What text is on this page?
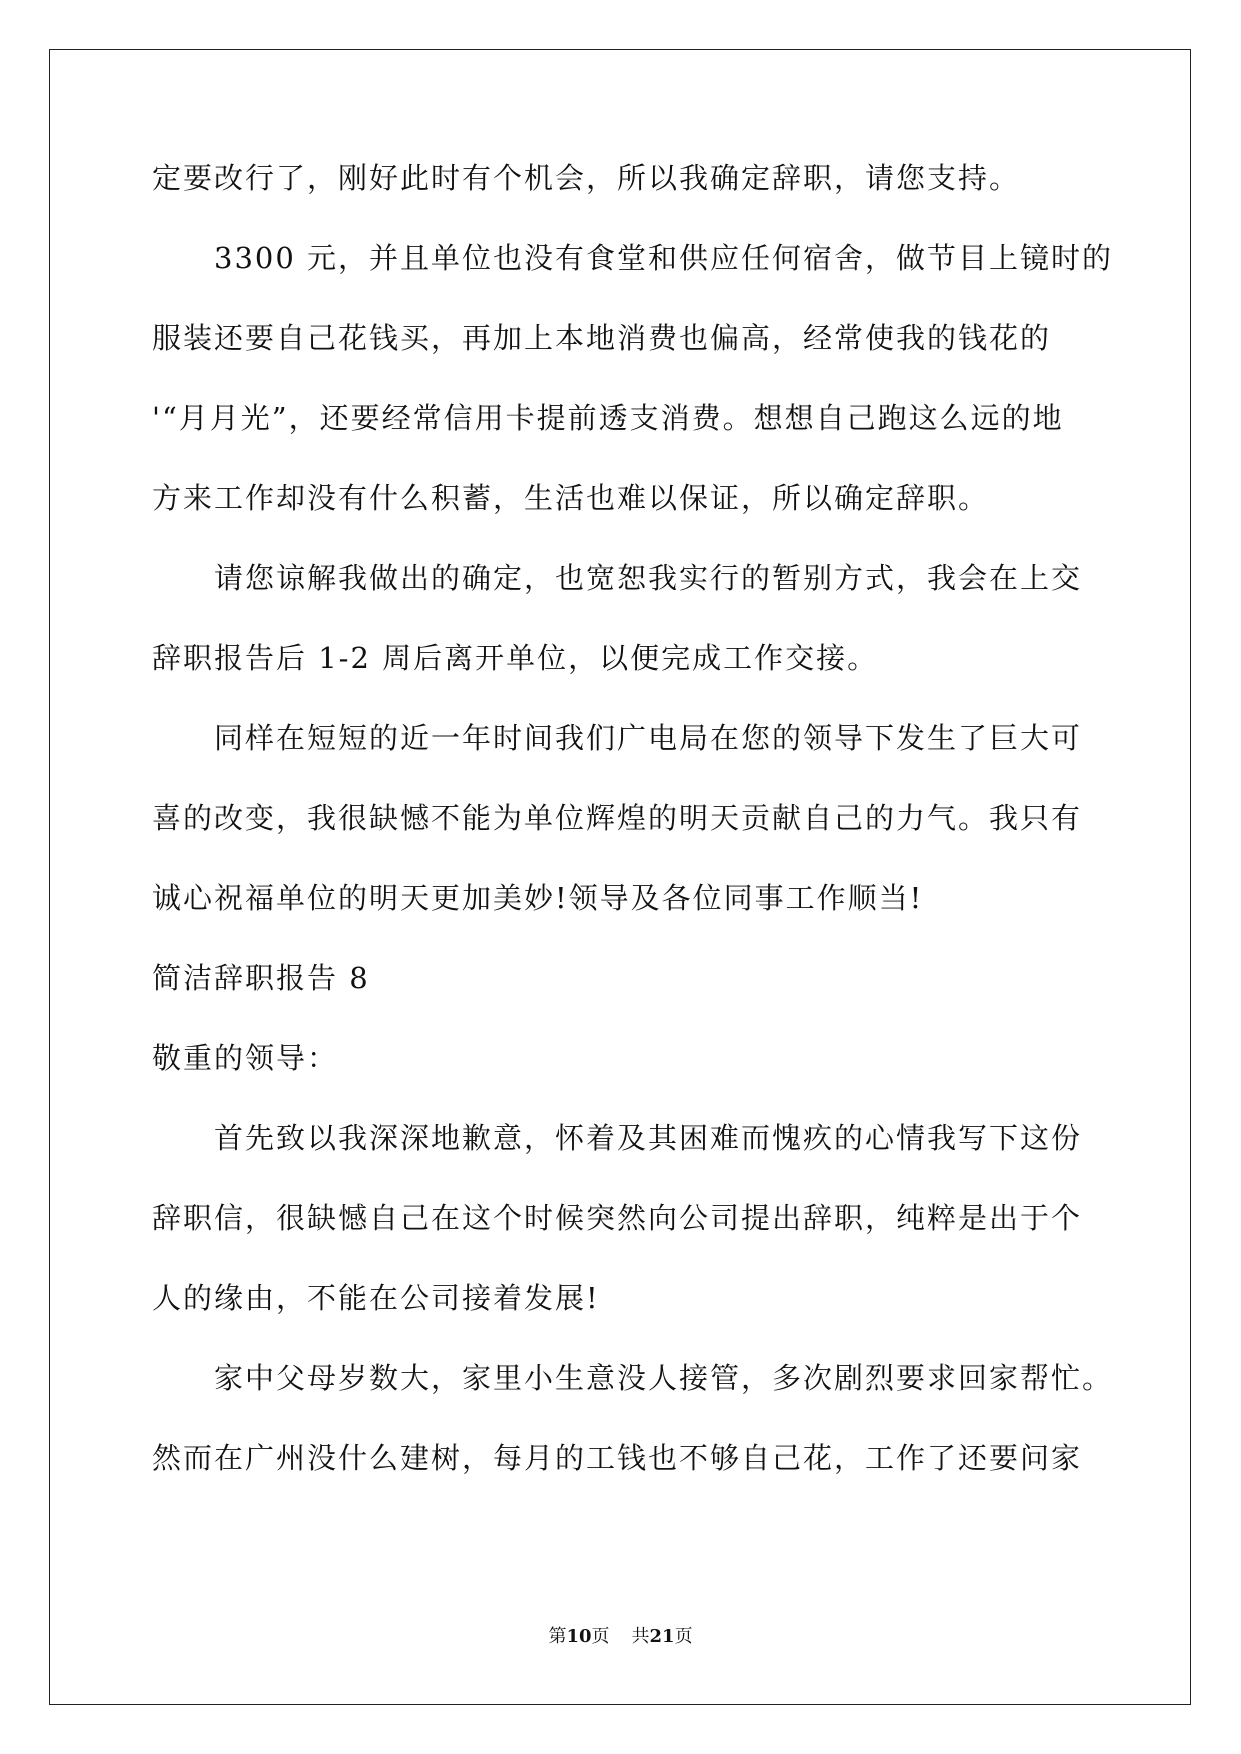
定要改行了，刚好此时有个机会，所以我确定辞职，请您支持。

3300 元，并且单位也没有食堂和供应任何宿舍，做节目上镜时的

服装还要自己花钱买，再加上本地消费也偏高，经常使我的钱花的

'“月月光”，还要经常信用卡提前透支消费。想想自己跑这么远的地

方来工作却没有什么积蓄，生活也难以保证，所以确定辞职。

请您谅解我做出的确定，也宽恕我实行的暂别方式，我会在上交

辞职报告后 1-2 周后离开单位，以便完成工作交接。

同样在短短的近一年时间我们广电局在您的领导下发生了巨大可

喜的改变，我很缺憾不能为单位辉煌的明天贡献自己的力气。我只有

诚心祝福单位的明天更加美妙!领导及各位同事工作顺当!

简洁辞职报告 8

敬重的领导：

首先致以我深深地歉意，怀着及其困难而愧疚的心情我写下这份

辞职信，很缺憾自己在这个时候突然向公司提出辞职，纯粹是出于个

人的缘由，不能在公司接着发展!

家中父母岁数大，家里小生意没人接管，多次剧烈要求回家帮忙。

然而在广州没什么建树，每月的工钱也不够自己花，工作了还要问家

第10页 共21页
